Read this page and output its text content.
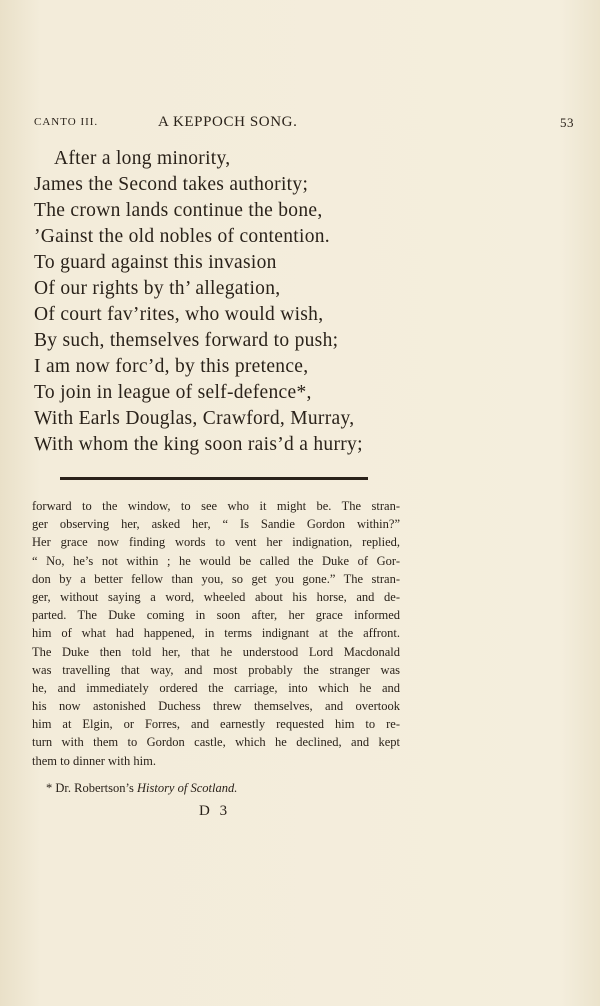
CANTO III.	A KEPPOCH SONG.	53
After a long minority,
James the Second takes authority;
The crown lands continue the bone,
’Gainst the old nobles of contention.
To guard against this invasion
Of our rights by th’ allegation,
Of court fav’rites, who would wish,
By such, themselves forward to push;
I am now forc’d, by this pretence,
To join in league of self-defence*,
With Earls Douglas, Crawford, Murray,
With whom the king soon rais’d a hurry;
forward to the window, to see who it might be. The stran-
ger observing her, asked her, “ Is Sandie Gordon within?”
Her grace now finding words to vent her indignation, replied,
“ No, he’s not within ; he would be called the Duke of Gor-
don by a better fellow than you, so get you gone.” The stran-
ger, without saying a word, wheeled about his horse, and de-
parted. The Duke coming in soon after, her grace informed
him of what had happened, in terms indignant at the affront.
The Duke then told her, that he understood Lord Macdonald
was travelling that way, and most probably the stranger was
he, and immediately ordered the carriage, into which he and
his now astonished Duchess threw themselves, and overtook
him at Elgin, or Forres, and earnestly requested him to re-
turn with them to Gordon castle, which he declined, and kept
them to dinner with him.
* Dr. Robertson’s History of Scotland.
D 3
